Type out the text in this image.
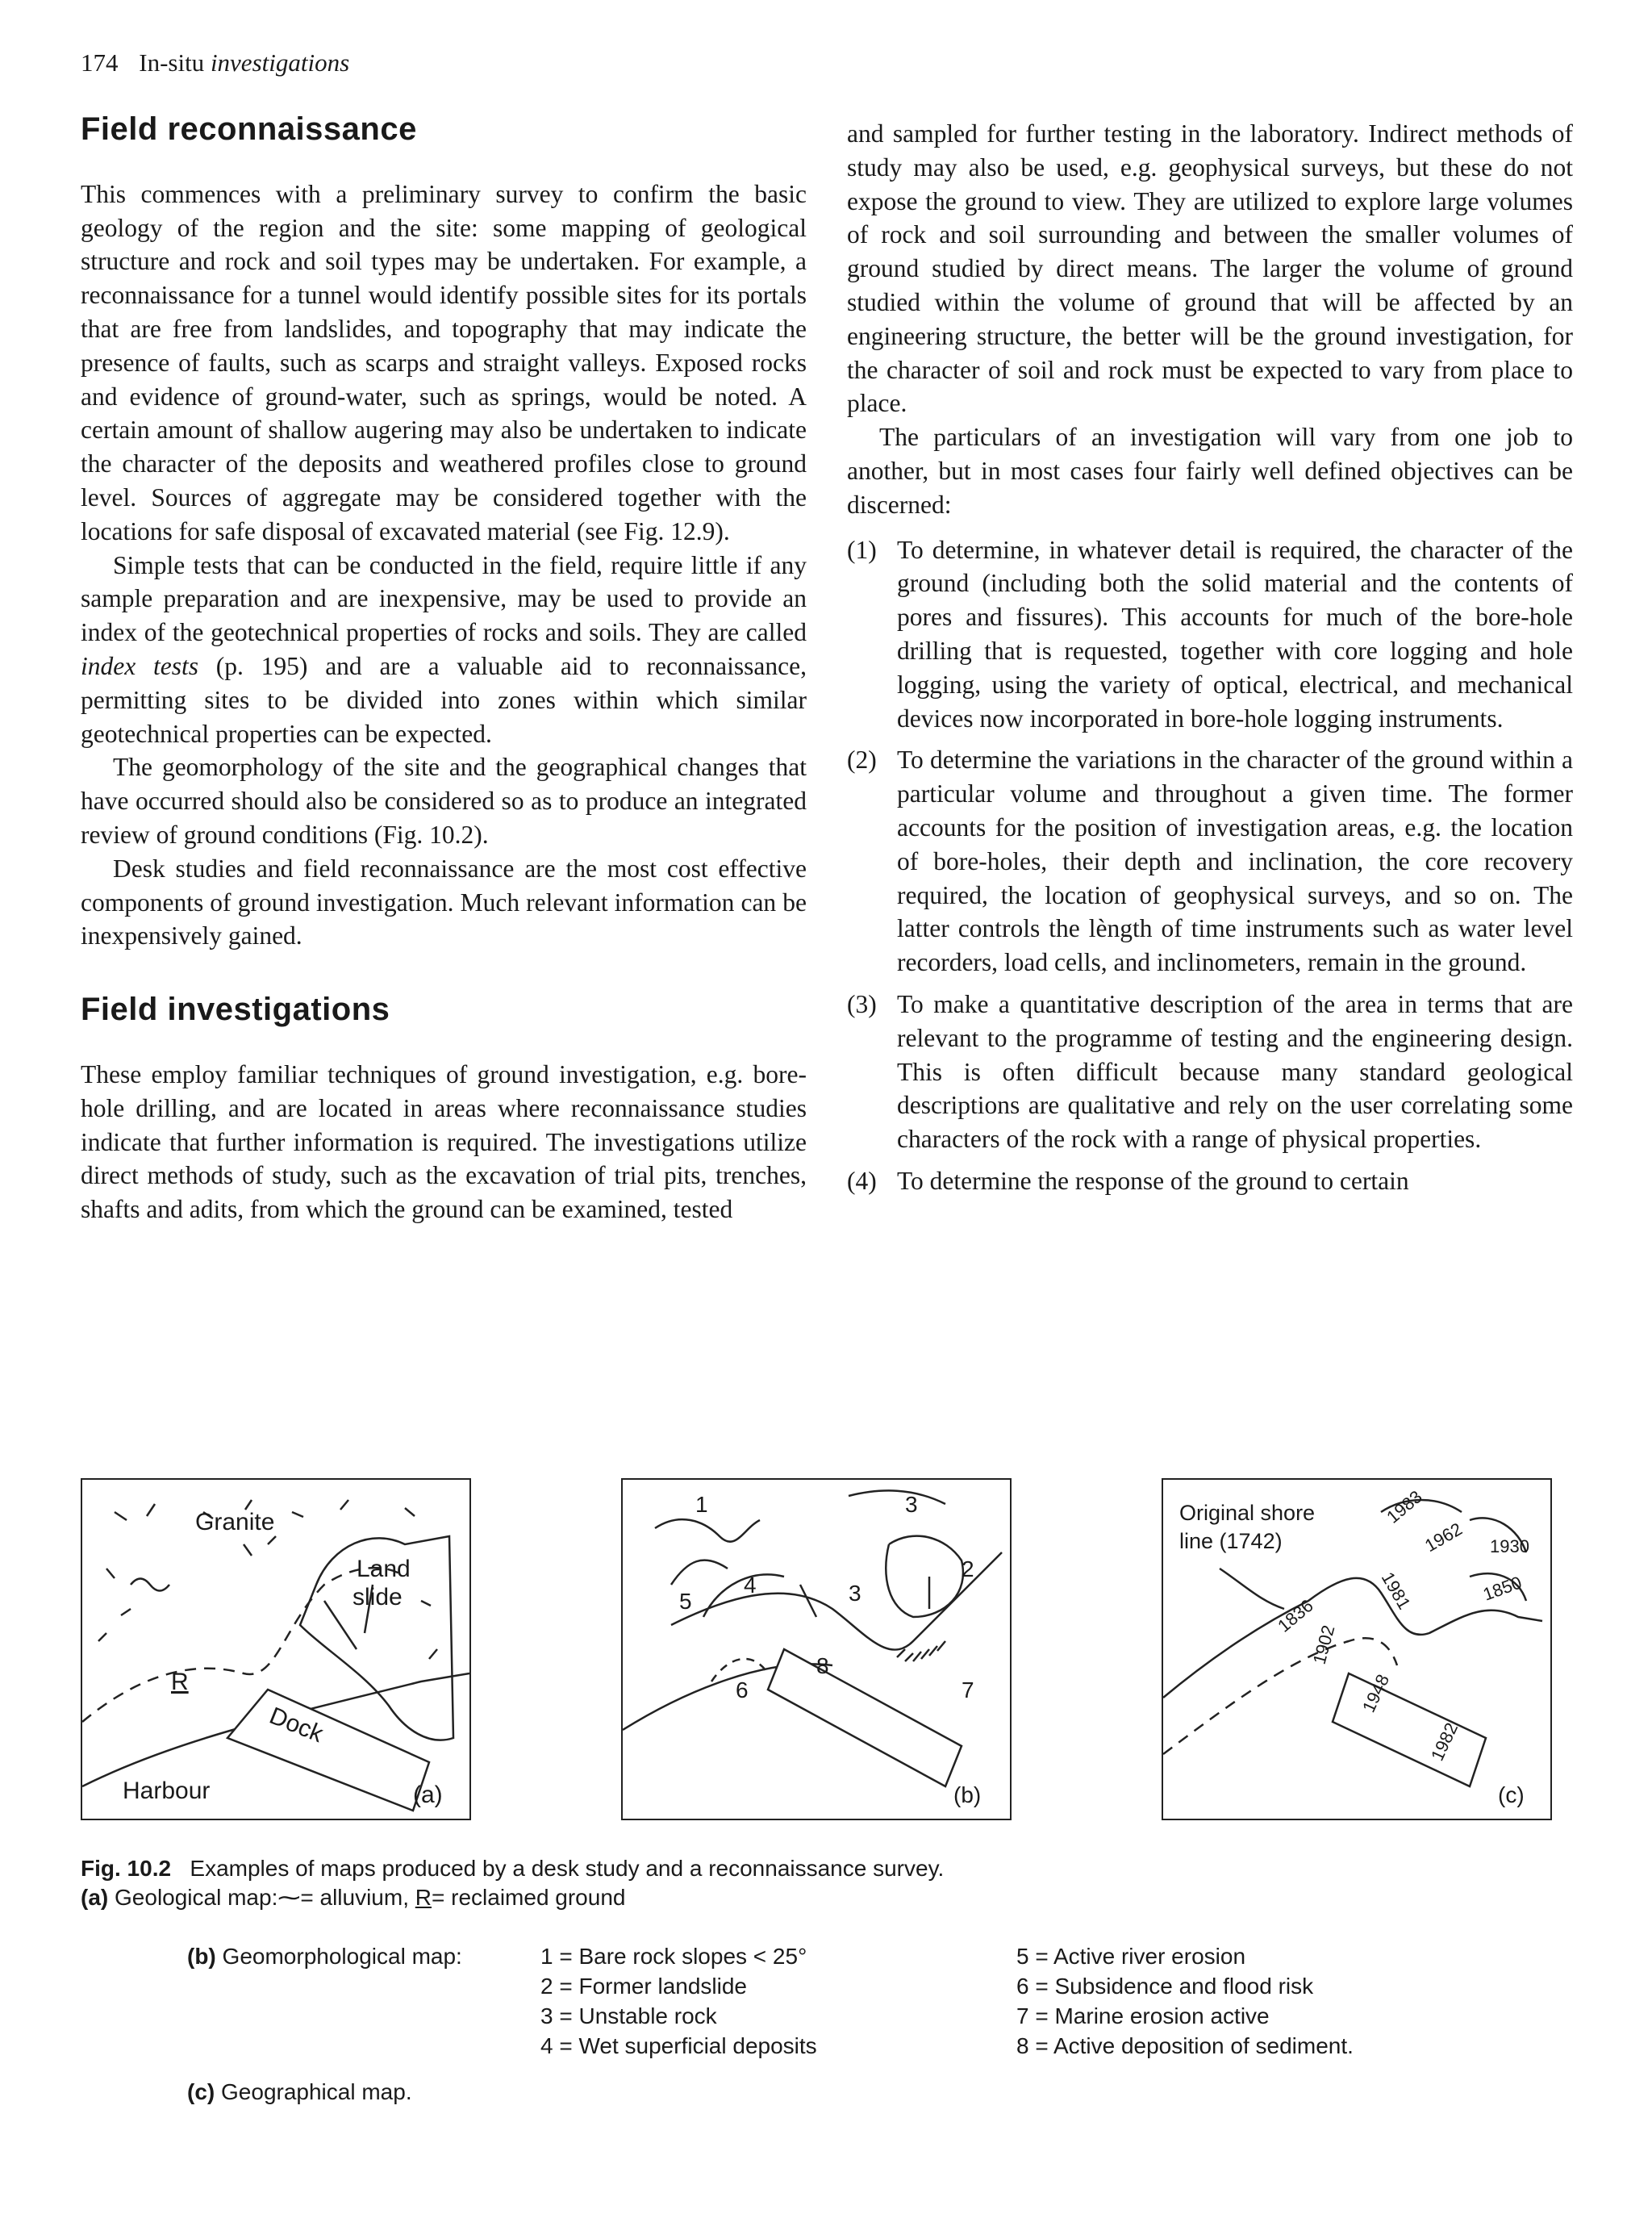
174 In-situ investigations
Field reconnaissance

This commences with a preliminary survey to confirm the basic geology of the region and the site: some mapping of geological structure and rock and soil types may be undertaken. For example, a reconnaissance for a tunnel would identify possible sites for its portals that are free from landslides, and topography that may indicate the presence of faults, such as scarps and straight valleys. Exposed rocks and evidence of ground-water, such as springs, would be noted. A certain amount of shallow augering may also be undertaken to indicate the character of the deposits and weathered profiles close to ground level. Sources of aggregate may be considered together with the locations for safe disposal of excavated material (see Fig. 12.9).

Simple tests that can be conducted in the field, require little if any sample preparation and are inexpensive, may be used to provide an index of the geotechnical properties of rocks and soils. They are called index tests (p. 195) and are a valuable aid to reconnaissance, permitting sites to be divided into zones within which similar geotechnical properties can be expected.

The geomorphology of the site and the geographical changes that have occurred should also be considered so as to produce an integrated review of ground conditions (Fig. 10.2).

Desk studies and field reconnaissance are the most cost effective components of ground investigation. Much relevant information can be inexpensively gained.

Field investigations

These employ familiar techniques of ground investigation, e.g. bore-hole drilling, and are located in areas where reconnaissance studies indicate that further information is required. The investigations utilize direct methods of study, such as the excavation of trial pits, trenches, shafts and adits, from which the ground can be examined, tested

and sampled for further testing in the laboratory. Indirect methods of study may also be used, e.g. geophysical surveys, but these do not expose the ground to view. They are utilized to explore large volumes of rock and soil surrounding and between the smaller volumes of ground studied by direct means. The larger the volume of ground studied within the volume of ground that will be affected by an engineering structure, the better will be the ground investigation, for the character of soil and rock must be expected to vary from place to place.

The particulars of an investigation will vary from one job to another, but in most cases four fairly well defined objectives can be discerned:

(1) To determine, in whatever detail is required, the character of the ground (including both the solid material and the contents of pores and fissures). This accounts for much of the bore-hole drilling that is requested, together with core logging and hole logging, using the variety of optical, electrical, and mechanical devices now incorporated in bore-hole logging instruments.
(2) To determine the variations in the character of the ground within a particular volume and throughout a given time. The former accounts for the position of investigation areas, e.g. the location of bore-holes, their depth and inclination, the core recovery required, the location of geophysical surveys, and so on. The latter controls the lèngth of time instruments such as water level recorders, load cells, and inclinometers, remain in the ground.
(3) To make a quantitative description of the area in terms that are relevant to the programme of testing and the engineering design. This is often difficult because many standard geological descriptions are qualitative and rely on the user correlating some characters of the rock with a range of physical properties.
(4) To determine the response of the ground to certain
Granite
Land
slide
R
Dock
Harbour	(a)
1	3
2
4
5	3
6
8
7
(b)
Original shore
line (1742)
1983
1962 1930
1981	1850
1836
1902
1948
1982
(c)
Fig. 10.2 Examples of maps produced by a desk study and a reconnaissance survey.
(a) Geological map:⁓= alluvium, R= reclaimed ground
(b) Geomorphological map:	1 = Bare rock slopes < 25°
2 = Former landslide
3 = Unstable rock
4 = Wet superficial deposits
5 = Active river erosion
6 = Subsidence and flood risk
7 = Marine erosion active
8 = Active deposition of sediment.
(c) Geographical map.
